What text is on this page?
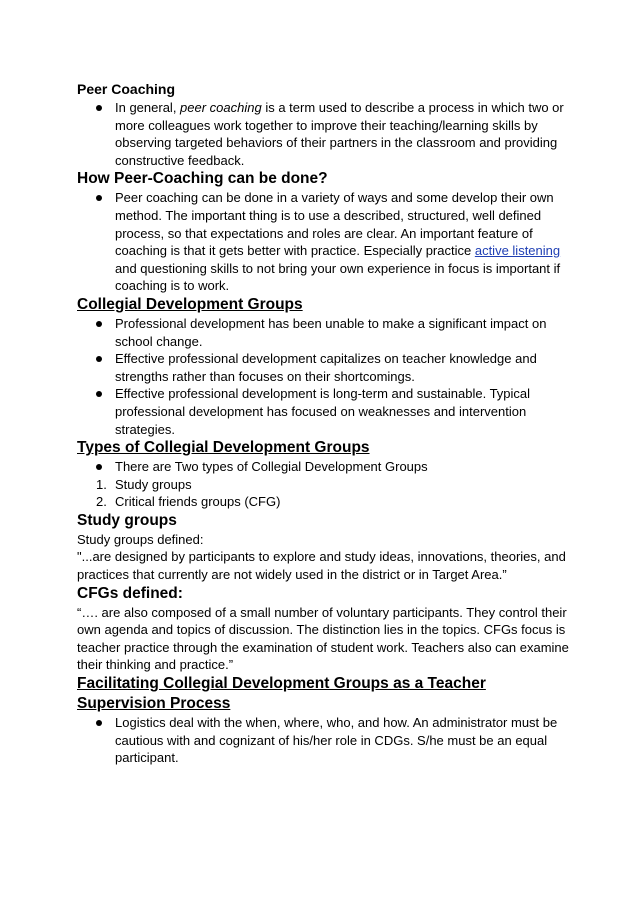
Peer Coaching
In general, peer coaching is a term used to describe a process in which two or more colleagues work together to improve their teaching/learning skills by observing targeted behaviors of their partners in the classroom and providing constructive feedback.
How Peer-Coaching can be done?
Peer coaching can be done in a variety of ways and some develop their own method. The important thing is to use a described, structured, well defined process, so that expectations and roles are clear. An important feature of coaching is that it gets better with practice. Especially practice active listening and questioning skills to not bring your own experience in focus is important if coaching is to work.
Collegial Development Groups
Professional development has been unable to make a significant impact on school change.
Effective professional development capitalizes on teacher knowledge and strengths rather than focuses on their shortcomings.
Effective professional development is long-term and sustainable. Typical professional development has focused on weaknesses and intervention strategies.
Types of Collegial Development Groups
There are Two types of Collegial Development Groups
1. Study groups
2. Critical friends groups (CFG)
Study groups

Study groups defined:

"...are designed by participants to explore and study ideas, innovations, theories, and practices that currently are not widely used in the district or in Target Area.”

CFGs defined:

“…. are also composed of a small number of voluntary participants. They control their own agenda and topics of discussion. The distinction lies in the topics. CFGs focus is teacher practice through the examination of student work. Teachers also can examine their thinking and practice.”

Facilitating Collegial Development Groups as a Teacher Supervision Process
Logistics deal with the when, where, who, and how. An administrator must be cautious with and cognizant of his/her role in CDGs. S/he must be an equal participant.
